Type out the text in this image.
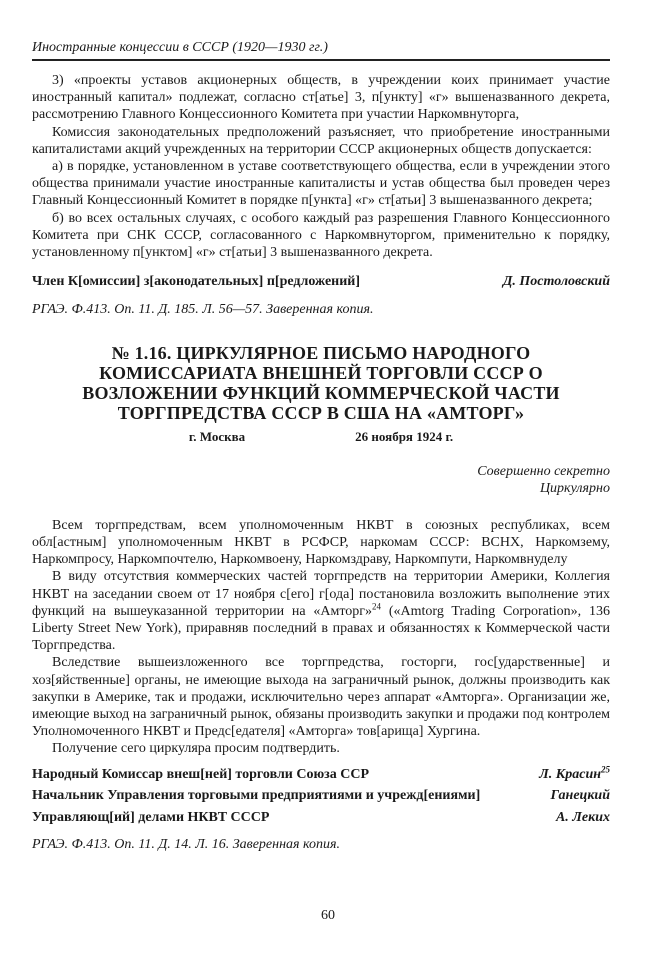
Иностранные концессии в СССР (1920—1930 гг.)

3) «проекты уставов акционерных обществ, в учреждении коих принимает участие иностранный капитал» подлежат, согласно ст[атье] 3, п[ункту] «г» вышеназванного декрета, рассмотрению Главного Концессионного Комитета при участии Наркомвнуторга,

Комиссия законодательных предположений разъясняет, что приобретение иностранными капиталистами акций учрежденных на территории СССР акционерных обществ допускается:

а) в порядке, установленном в уставе соответствующего общества, если в учреждении этого общества принимали участие иностранные капиталисты и устав общества был проведен через Главный Концессионный Комитет в порядке п[ункта] «г» ст[атьи] 3 вышеназванного декрета;

б) во всех остальных случаях, с особого каждый раз разрешения Главного Концессионного Комитета при СНК СССР, согласованного с Наркомвнуторгом, применительно к порядку, установленному п[унктом] «г» ст[атьи] 3 вышеназванного декрета.

Член К[омиссии] з[аконодательных] п[редложений]	Д. Постоловский
РГАЭ. Ф.413. Оп. 11. Д. 185. Л. 56—57. Заверенная копия.
№ 1.16. ЦИРКУЛЯРНОЕ ПИСЬМО НАРОДНОГО КОМИССАРИАТА ВНЕШНЕЙ ТОРГОВЛИ СССР О ВОЗЛОЖЕНИИ ФУНКЦИЙ КОММЕРЧЕСКОЙ ЧАСТИ ТОРГПРЕДСТВА СССР В США НА «АМТОРГ»
г. Москва	26 ноября 1924 г.
Совершенно секретно
Циркулярно

Всем торгпредствам, всем уполномоченным НКВТ в союзных республиках, всем обл[астным] уполномоченным НКВТ в РСФСР, наркомам СССР: ВСНХ, Наркомзему, Наркомпросу, Наркомпочтелю, Наркомвоену, Наркомздраву, Наркомпути, Наркомвнуделу

В виду отсутствия коммерческих частей торгпредств на территории Америки, Коллегия НКВТ на заседании своем от 17 ноября с[его] г[ода] постановила возложить выполнение этих функций на вышеуказанной территории на «Амторг»$^{24}$ («Amtorg Trading Corporation», 136 Liberty Street New York), приравняв последний в правах и обязанностях к Коммерческой части Торгпредства.

Вследствие вышеизложенного все торгпредства, госторги, гос[ударственные] и хоз[яйственные] органы, не имеющие выхода на заграничный рынок, должны производить как закупки в Америке, так и продажи, исключительно через аппарат «Амторга». Организации же, имеющие выход на заграничный рынок, обязаны производить закупки и продажи под контролем Уполномоченного НКВТ и Предс[едателя] «Амторга» тов[арища] Хургина.

Получение сего циркуляра просим подтвердить.

Народный Комиссар внеш[ней] торговли Союза ССР	Л. Красин$^{25}$
Начальник Управления торговыми предприятиями и учрежд[ениями]	Ганецкий
Управляющ[ий] делами НКВТ СССР	А. Леких
РГАЭ. Ф.413. Оп. 11. Д. 14. Л. 16. Заверенная копия.
60
